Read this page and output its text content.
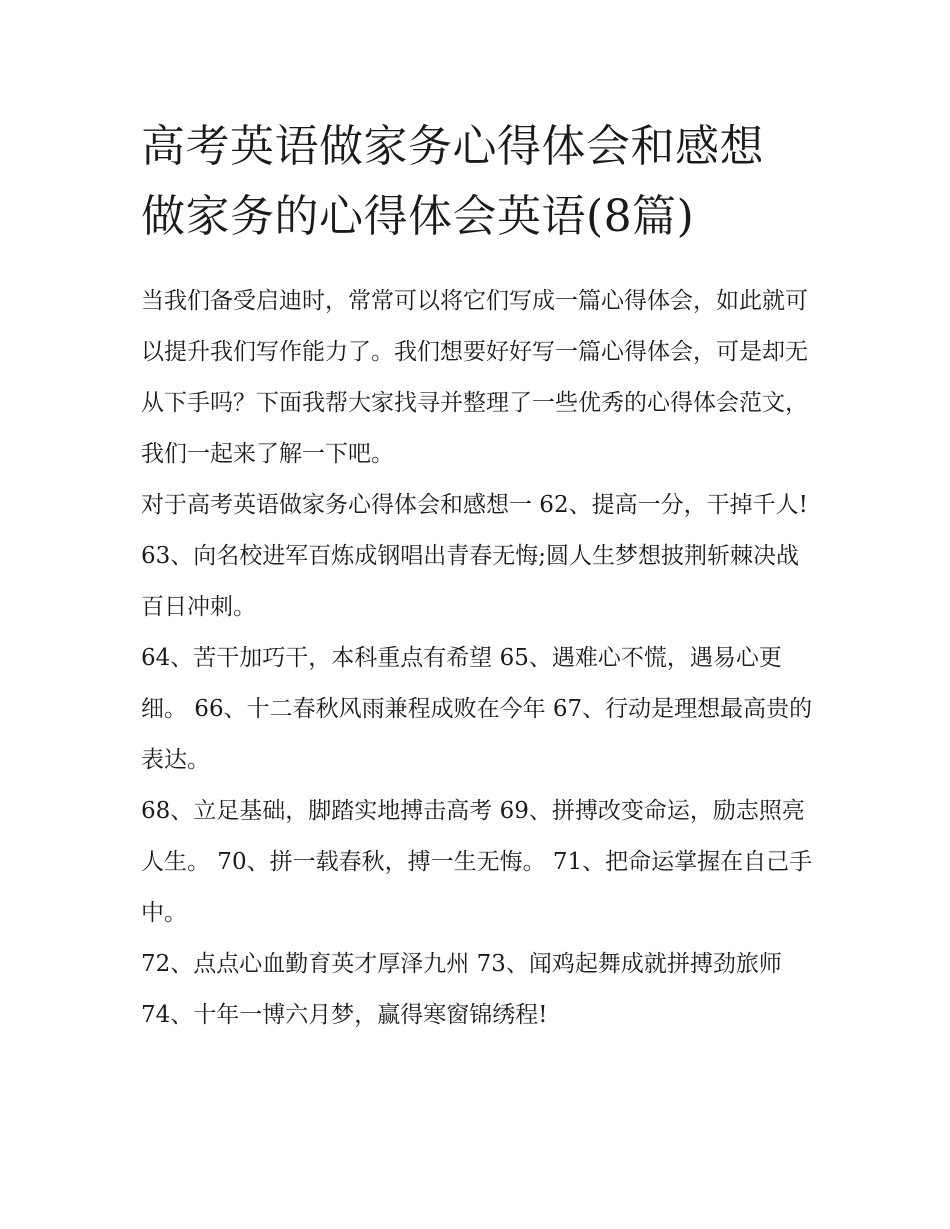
高考英语做家务心得体会和感想 做家务的心得体会英语(8篇)

当我们备受启迪时，常常可以将它们写成一篇心得体会，如此就可以提升我们写作能力了。我们想要好好写一篇心得体会，可是却无从下手吗？下面我帮大家找寻并整理了一些优秀的心得体会范文，我们一起来了解一下吧。

对于高考英语做家务心得体会和感想一 62、提高一分，干掉千人! 63、向名校进军百炼成钢唱出青春无悔;圆人生梦想披荆斩棘决战百日冲刺。

64、苦干加巧干，本科重点有希望 65、遇难心不慌，遇易心更细。 66、十二春秋风雨兼程成败在今年 67、行动是理想最高贵的表达。

68、立足基础，脚踏实地搏击高考 69、拼搏改变命运，励志照亮人生。 70、拼一载春秋，搏一生无悔。 71、把命运掌握在自己手中。

72、点点心血勤育英才厚泽九州 73、闻鸡起舞成就拼搏劲旅师 74、十年一博六月梦，赢得寒窗锦绣程!
